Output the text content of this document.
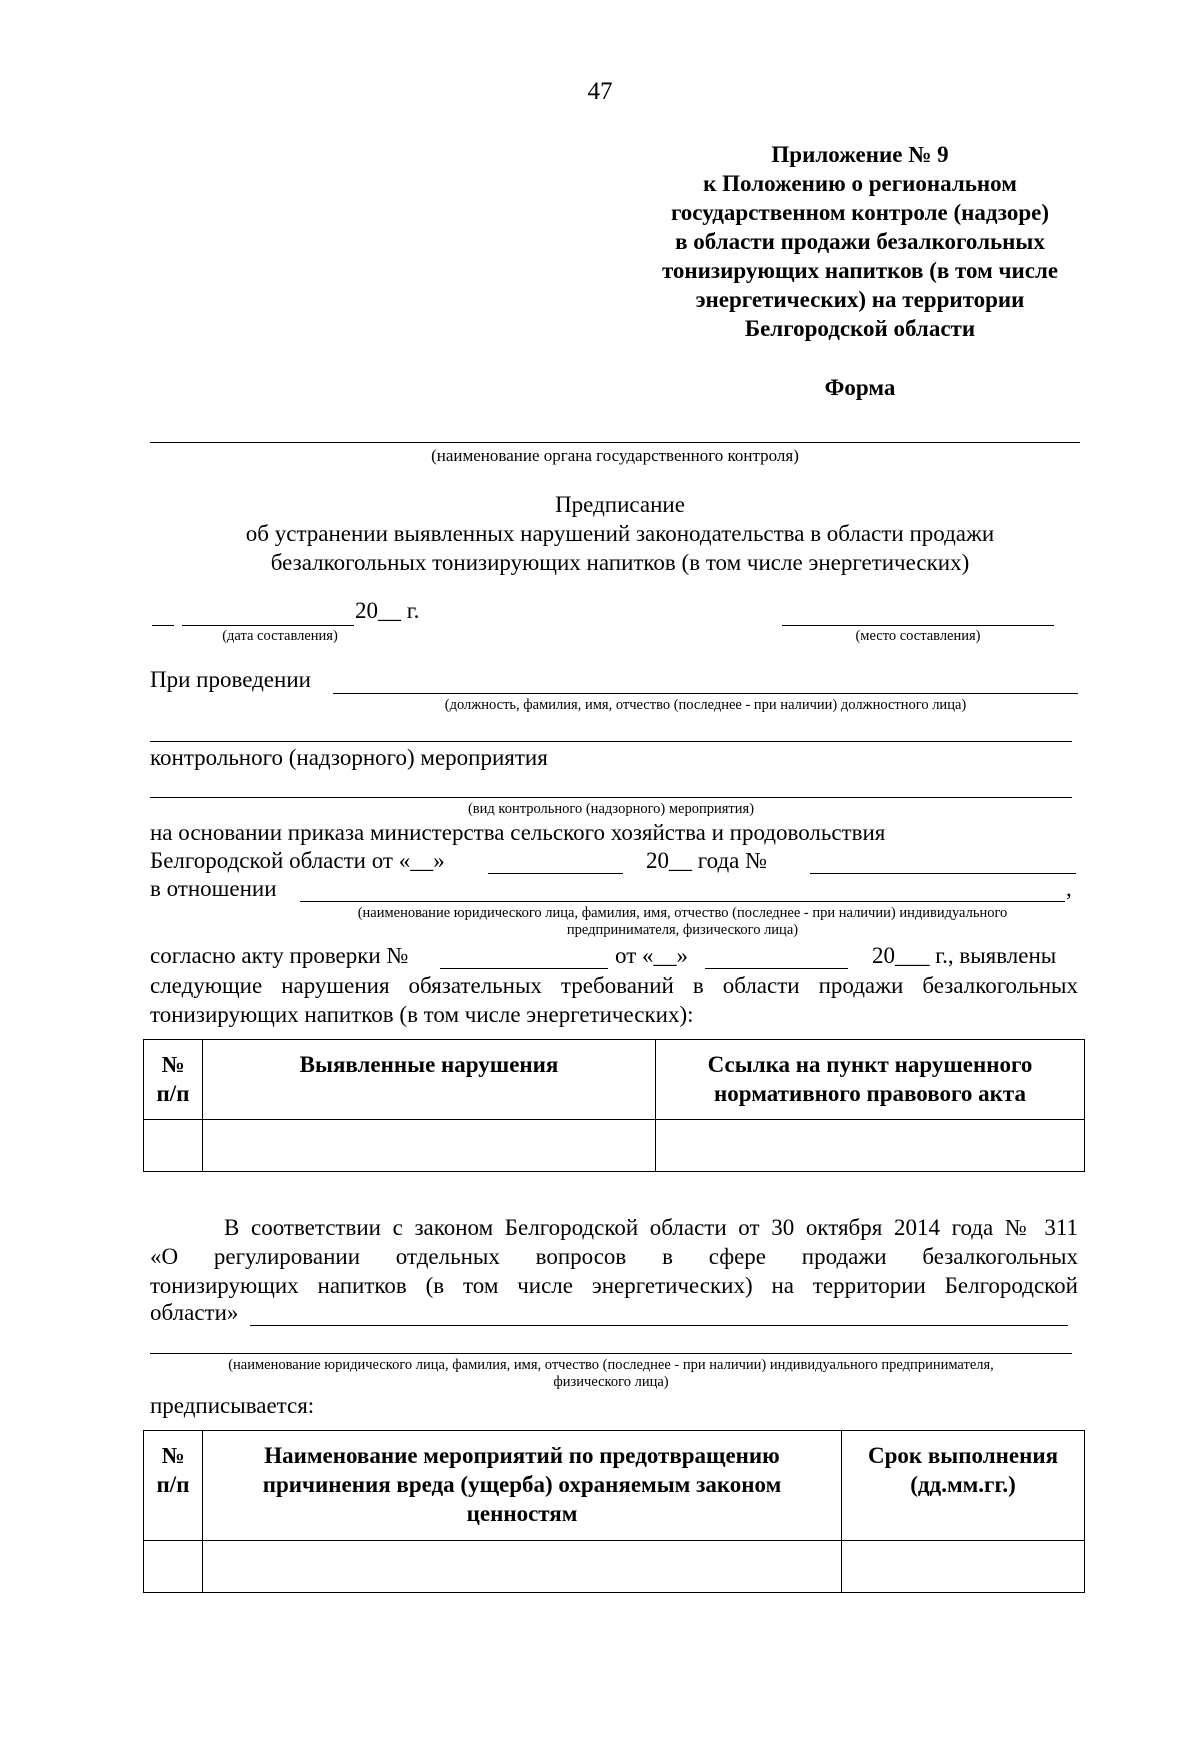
47
Приложение № 9
к Положению о региональном
государственном контроле (надзоре)
в области продажи безалкогольных
тонизирующих напитков (в том числе
энергетических) на территории
Белгородской области
Форма
(наименование органа государственного контроля)
Предписание
об устранении выявленных нарушений законодательства в области продажи
безалкогольных тонизирующих напитков (в том числе энергетических)
20__ г.
(дата составления)	(место составления)
При проведении
(должность, фамилия, имя, отчество (последнее - при наличии) должностного лица)
контрольного (надзорного) мероприятия
(вид контрольного (надзорного) мероприятия)
на основании приказа министерства сельского хозяйства и продовольствия
Белгородской области от «__»	20__ года №
в отношении	,
(наименование юридического лица, фамилия, имя, отчество (последнее - при наличии) индивидуального
предпринимателя, физического лица)
согласно акту проверки №	от «__»	20___ г., выявлены
следующие нарушения обязательных требований в области продажи безалкогольных
тонизирующих напитков (в том числе энергетических):
№
п/п	Выявленные нарушения	Ссылка на пункт нарушенного
нормативного правового акта

В соответствии с законом Белгородской области от 30 октября 2014 года № 311
«О регулировании отдельных вопросов в сфере продажи безалкогольных
тонизирующих напитков (в том числе энергетических) на территории Белгородской
области»
(наименование юридического лица, фамилия, имя, отчество (последнее - при наличии) индивидуального предпринимателя,
физического лица)
предписывается:
№
п/п	Наименование мероприятий по предотвращению
причинения вреда (ущерба) охраняемым законом
ценностям	Срок выполнения
(дд.мм.гг.)
